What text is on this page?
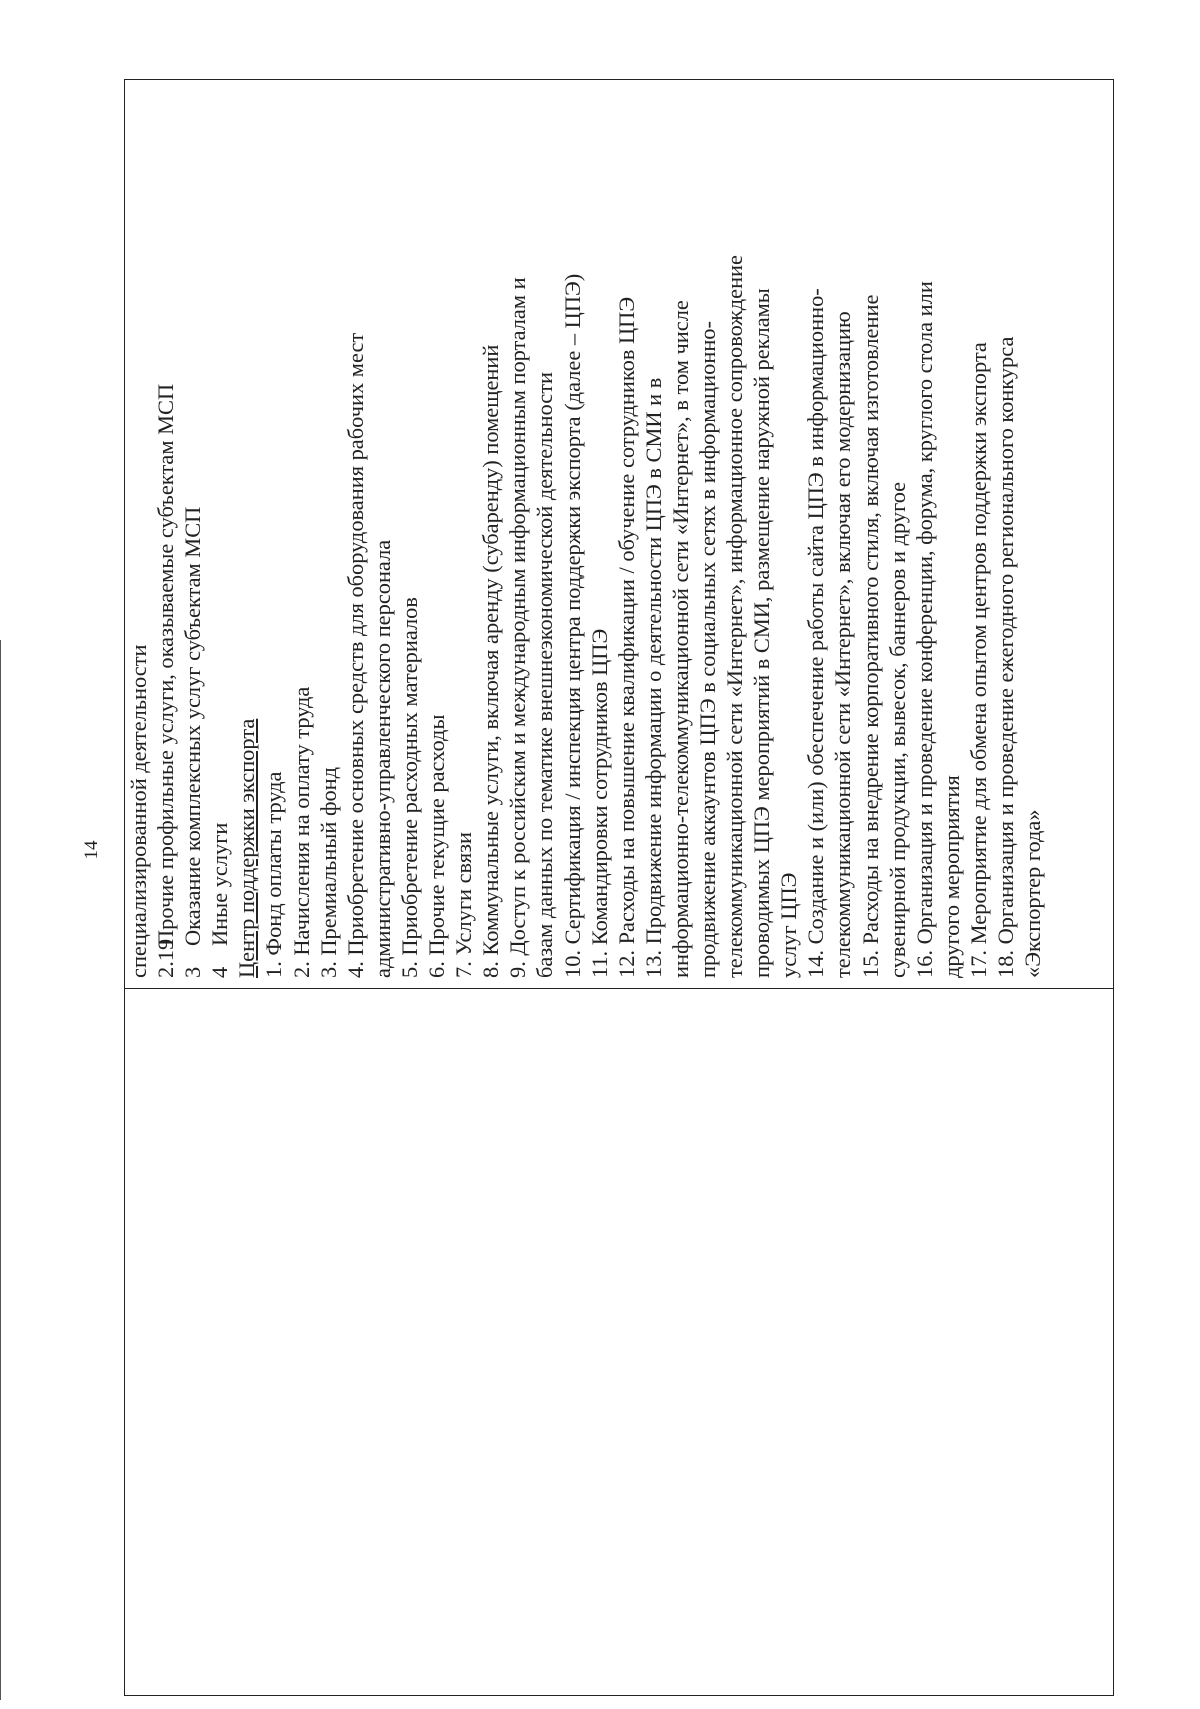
14 специализированной деятельности 2.19Прочие профильные услуги, оказываемые субъектам МСП
3Оказание комплексных услуг субъектам МСП
4Иные услуги Центр поддержки экспорта 1. Фонд оплаты труда 2. Начисления на оплату труда 3. Премиальный фонд 4. Приобретение основных средств для оборудования рабочих мест административно-управленческого персонала 5. Приобретение расходных материалов 6. Прочие текущие расходы 7. Услуги связи 8. Коммунальные услуги, включая аренду (субаренду) помещений 9. Доступ к российским и международным информационным порталам и базам данных по тематике внешнеэкономической деятельности 10. Сертификация / инспекция центра поддержки экспорта (далее – ЦПЭ) 11. Командировки сотрудников ЦПЭ 12. Расходы на повышение квалификации / обучение сотрудников ЦПЭ 13. Продвижение информации о деятельности ЦПЭ в СМИ и в информационно-телекоммуникационной сети «Интернет», в том числе продвижение аккаунтов ЦПЭ в социальных сетях в информационно- телекоммуникационной сети «Интернет», информационное сопровождение проводимых ЦПЭ мероприятий в СМИ, размещение наружной рекламы услуг ЦПЭ 14. Создание и (или) обеспечение работы сайта ЦПЭ в информационно- телекоммуникационной сети «Интернет», включая его модернизацию 15. Расходы на внедрение корпоративного стиля, включая изготовление сувенирной продукции, вывесок, баннеров и другое 16. Организация и проведение конференции, форума, круглого стола или другого мероприятия 17. Мероприятие для обмена опытом центров поддержки экспорта 18. Организация и проведение ежегодного регионального конкурса «Экспортер года»
